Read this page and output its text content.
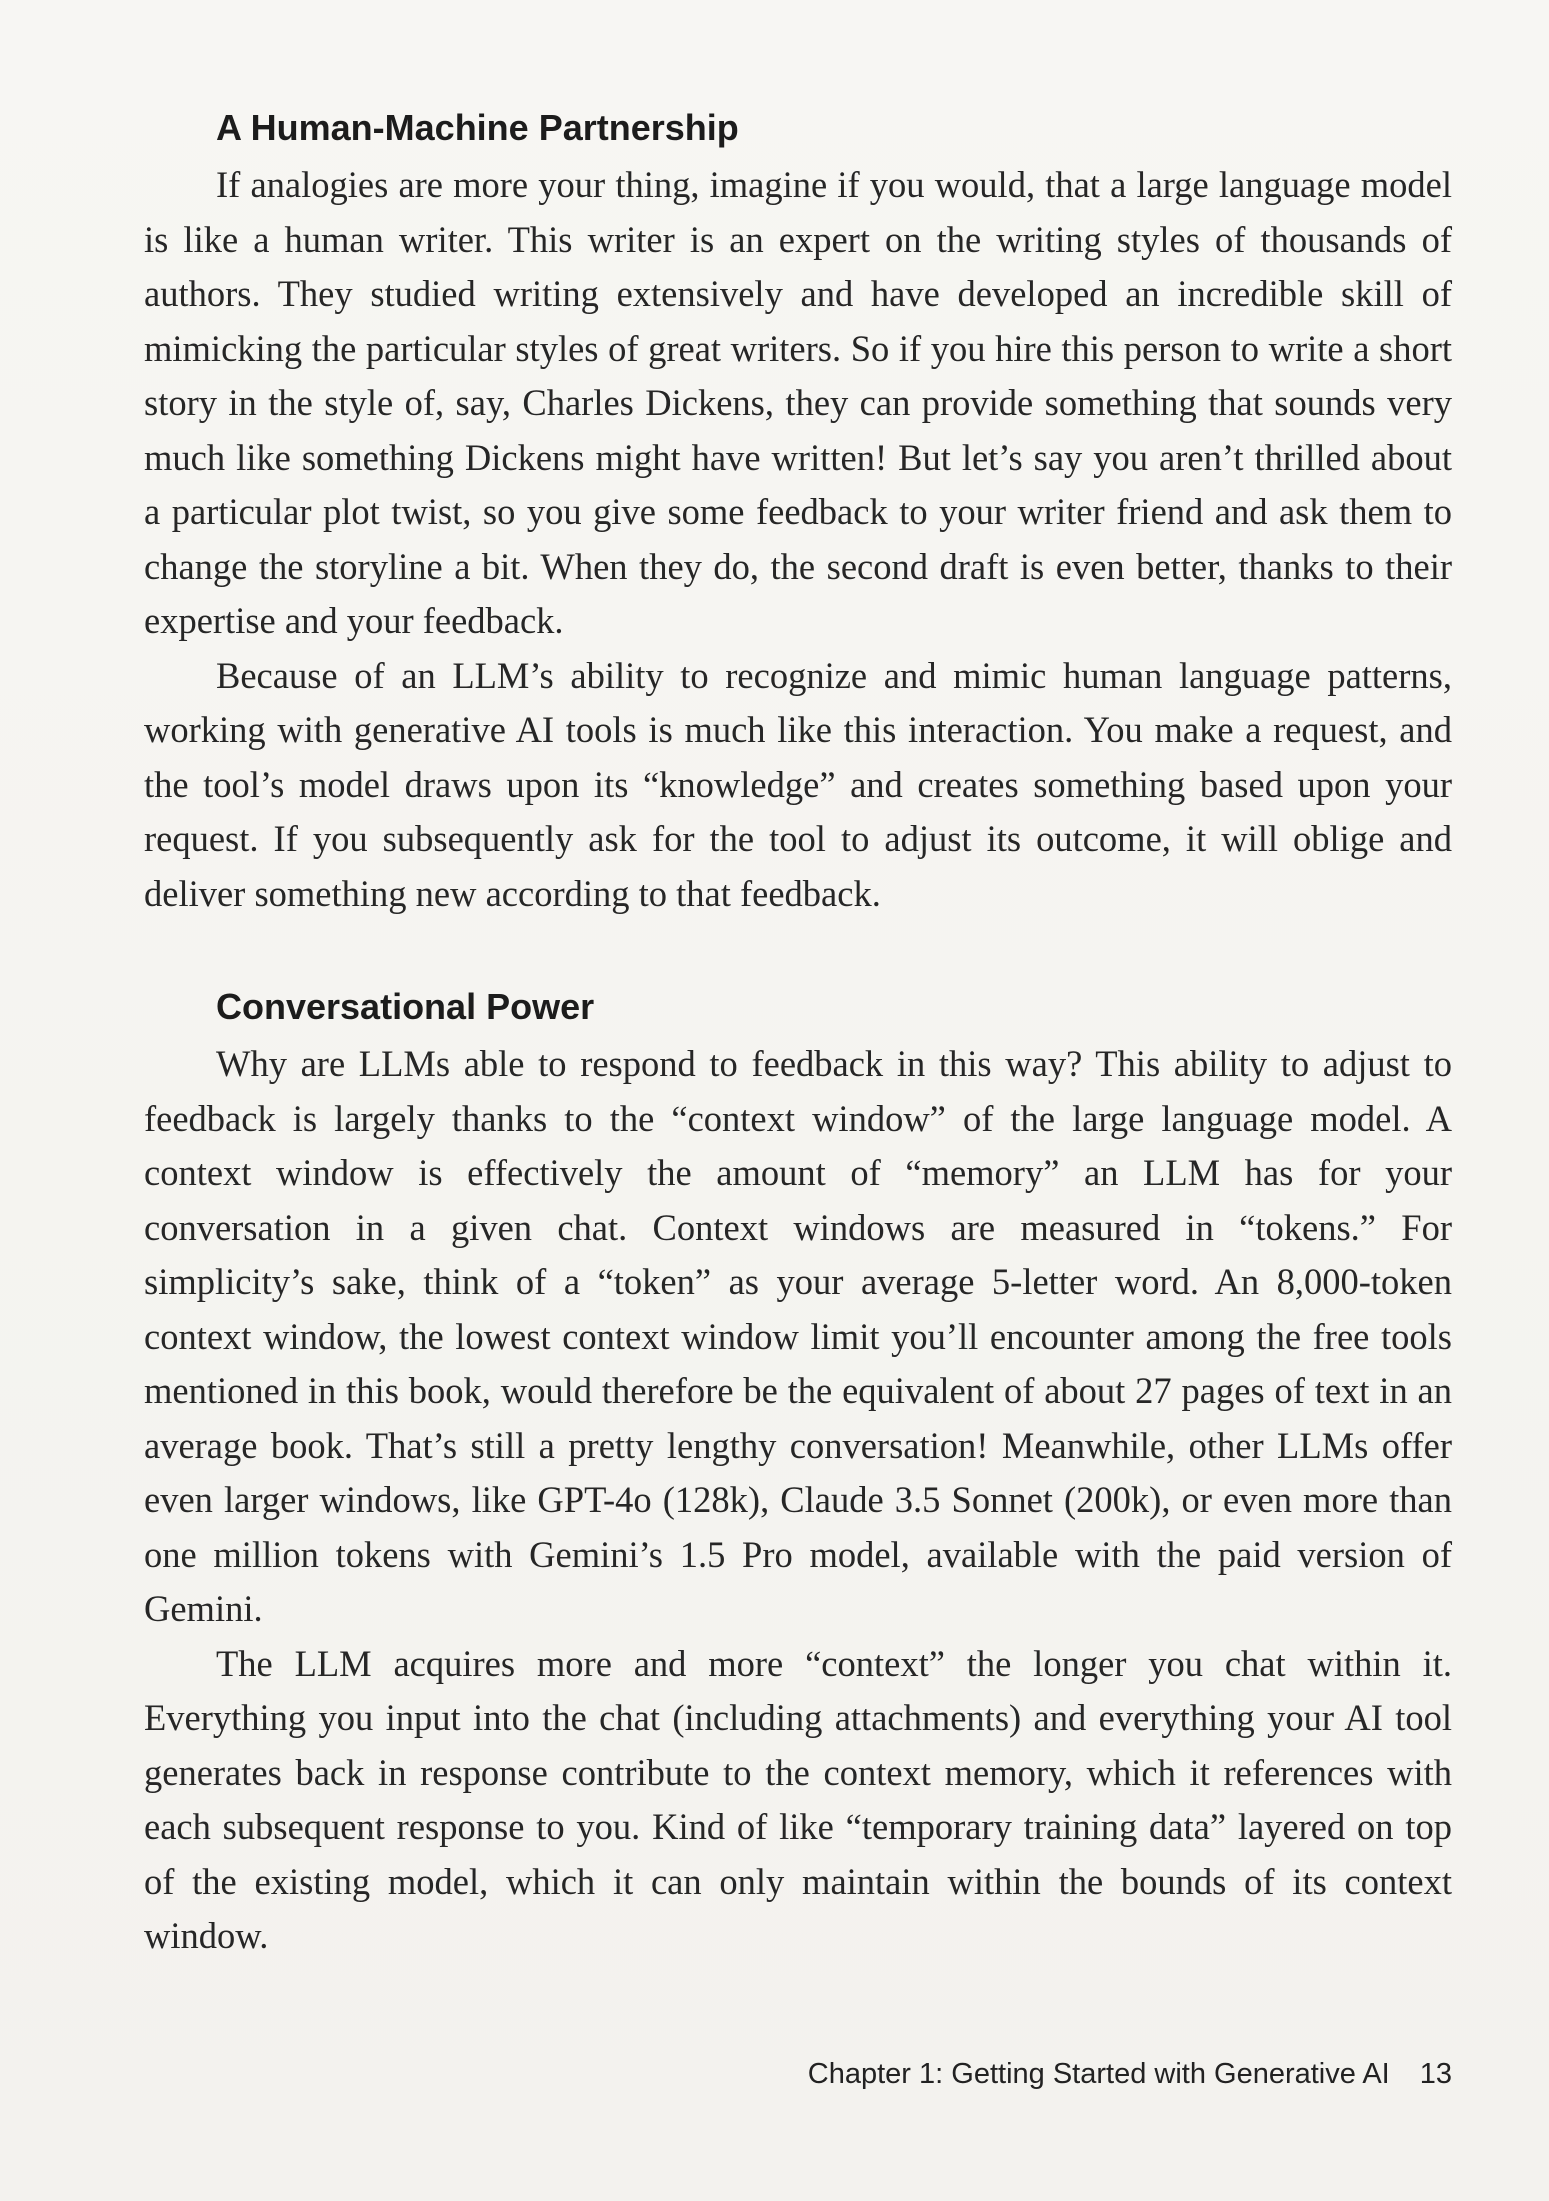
A Human-Machine Partnership

If analogies are more your thing, imagine if you would, that a large language model is like a human writer. This writer is an expert on the writing styles of thousands of authors. They studied writing extensively and have developed an incredible skill of mimicking the particular styles of great writers. So if you hire this person to write a short story in the style of, say, Charles Dickens, they can provide something that sounds very much like something Dickens might have written! But let’s say you aren’t thrilled about a particular plot twist, so you give some feedback to your writer friend and ask them to change the storyline a bit. When they do, the second draft is even better, thanks to their expertise and your feedback.

Because of an LLM’s ability to recognize and mimic human language patterns, working with generative AI tools is much like this interaction. You make a request, and the tool’s model draws upon its “knowledge” and creates something based upon your request. If you subsequently ask for the tool to adjust its outcome, it will oblige and deliver something new according to that feedback.

Conversational Power

Why are LLMs able to respond to feedback in this way? This ability to adjust to feedback is largely thanks to the “context window” of the large language model. A context window is effectively the amount of “memory” an LLM has for your conversation in a given chat. Context windows are measured in “tokens.” For simplicity’s sake, think of a “token” as your average 5-letter word. An 8,000-token context window, the lowest context window limit you’ll encounter among the free tools mentioned in this book, would therefore be the equivalent of about 27 pages of text in an average book. That’s still a pretty lengthy conversation! Meanwhile, other LLMs offer even larger windows, like GPT-4o (128k), Claude 3.5 Sonnet (200k), or even more than one million tokens with Gemini’s 1.5 Pro model, available with the paid version of Gemini.

The LLM acquires more and more “context” the longer you chat within it. Everything you input into the chat (including attachments) and everything your AI tool generates back in response contribute to the context memory, which it references with each subsequent response to you. Kind of like “temporary training data” layered on top of the existing model, which it can only maintain within the bounds of its context window.

Chapter 1: Getting Started with Generative AI 13
